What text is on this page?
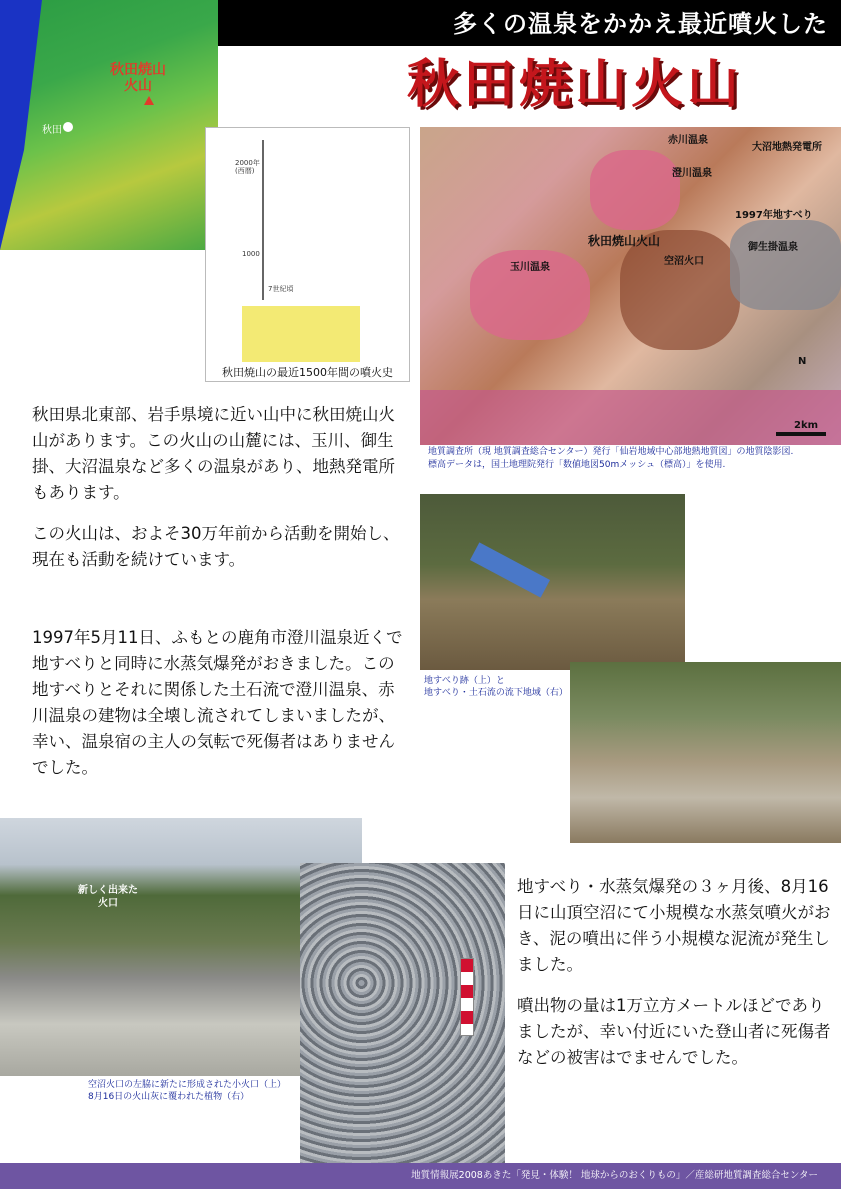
多くの温泉をかかえ最近噴火した
秋田焼山火山
秋田
秋田焼山
火山
2000年
(西暦)
1000
7世紀頃
秋田焼山の最近1500年間の噴火史
赤川温泉
大沼地熱発電所
澄川温泉
1997年地すべり
秋田焼山火山
空沼火口
玉川温泉
御生掛温泉
N
2km
地質調査所（現 地質調査総合センター）発行「仙岩地域中心部地熱地質図」の地質陰影図.
標高データは，国土地理院発行「数値地図50mメッシュ（標高）」を使用.
地すべり跡（上）と
地すべり・土石流の流下地域（右）
新しく出来た
火口
空沼火口の左脇に新たに形成された小火口（上）
8月16日の火山灰に覆われた植物（右）

秋田県北東部、岩手県境に近い山中に秋田焼山火山があります。この火山の山麓には、玉川、御生掛、大沼温泉など多くの温泉があり、地熱発電所もあります。

この火山は、およそ30万年前から活動を開始し、現在も活動を続けています。

1997年5月11日、ふもとの鹿角市澄川温泉近くで地すべりと同時に水蒸気爆発がおきました。この地すべりとそれに関係した土石流で澄川温泉、赤川温泉の建物は全壊し流されてしまいましたが、幸い、温泉宿の主人の気転で死傷者はありませんでした。

地すべり・水蒸気爆発の３ヶ月後、8月16日に山頂空沼にて小規模な水蒸気噴火がおき、泥の噴出に伴う小規模な泥流が発生しました。

噴出物の量は1万立方メートルほどでありましたが、幸い付近にいた登山者に死傷者などの被害はでませんでした。

地質情報展2008あきた「発見・体験！ 地球からのおくりもの」／産総研地質調査総合センター
